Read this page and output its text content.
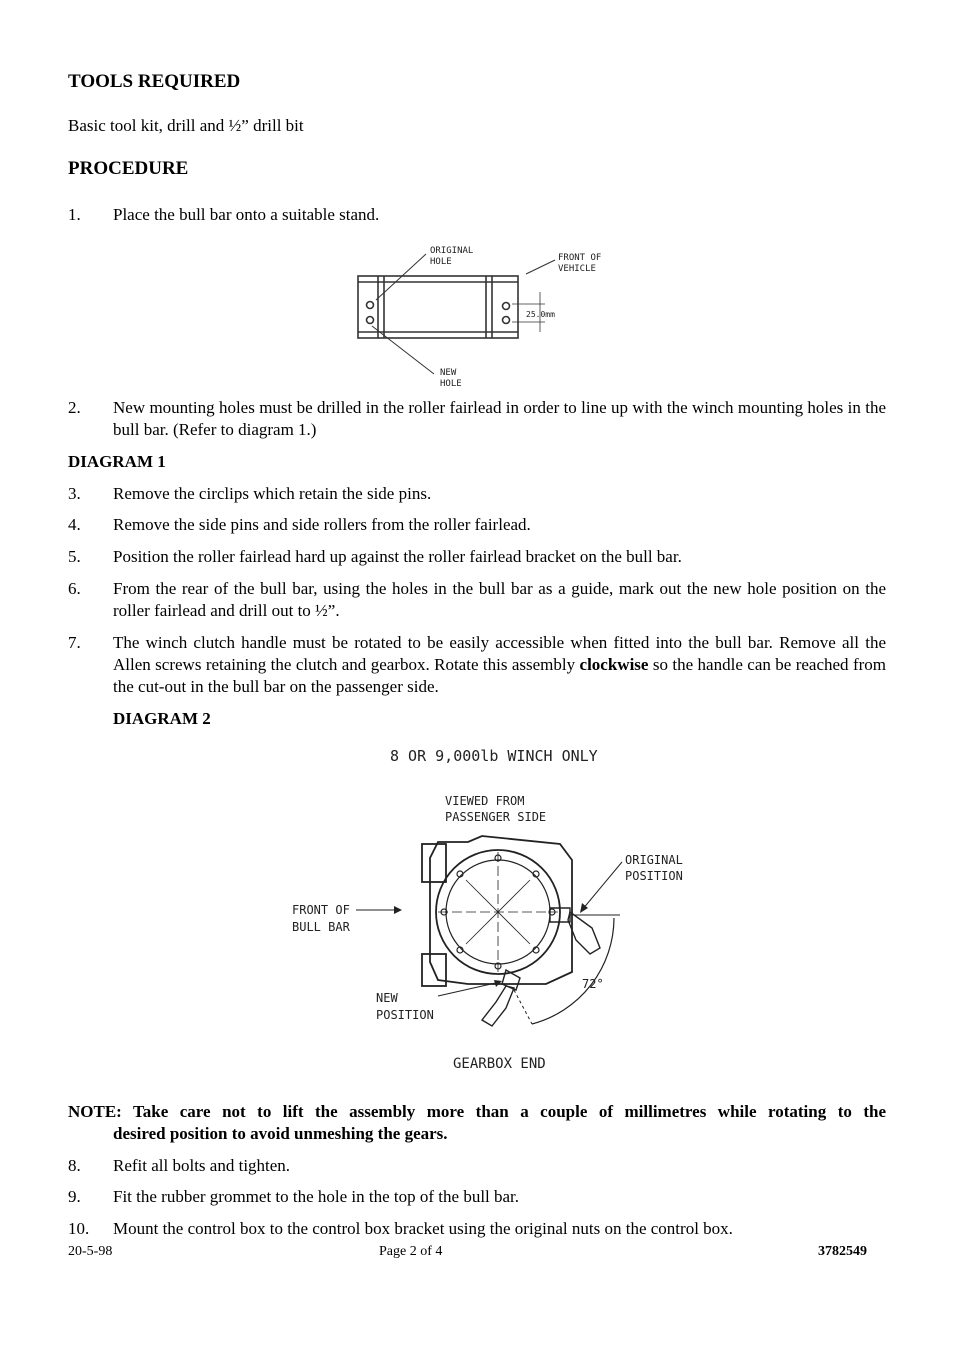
TOOLS REQUIRED
Basic tool kit, drill and ½” drill bit
PROCEDURE
1.	Place the bull bar onto a suitable stand.
ORIGINAL
HOLE	FRONT OF
VEHICLE
25.0mm
NEW
HOLE
2.	New mounting holes must be drilled in the roller fairlead in order to line up with the winch mounting holes in the bull bar. (Refer to diagram 1.)
DIAGRAM 1
3.	Remove the circlips which retain the side pins.
4.	Remove the side pins and side rollers from the roller fairlead.
5.	Position the roller fairlead hard up against the roller fairlead bracket on the bull bar.
6.	From the rear of the bull bar, using the holes in the bull bar as a guide, mark out the new hole position on the roller fairlead and drill out to ½”.
7.	The winch clutch handle must be rotated to be easily accessible when fitted into the bull bar. Remove all the Allen screws retaining the clutch and gearbox. Rotate this assembly clockwise so the handle can be reached from the cut-out in the bull bar on the passenger side.
DIAGRAM 2
8 OR 9,000lb WINCH ONLY
VIEWED FROM
PASSENGER SIDE
FRONT OF
BULL BAR
ORIGINAL
POSITION
72°
NEW
POSITION
GEARBOX END
NOTE: Take care not to lift the assembly more than a couple of millimetres while rotating to the
desired position to avoid unmeshing the gears.
8.	Refit all bolts and tighten.
9.	Fit the rubber grommet to the hole in the top of the bull bar.
10.	Mount the control box to the control box bracket using the original nuts on the control box.
20-5-98	Page 2 of 4	3782549
